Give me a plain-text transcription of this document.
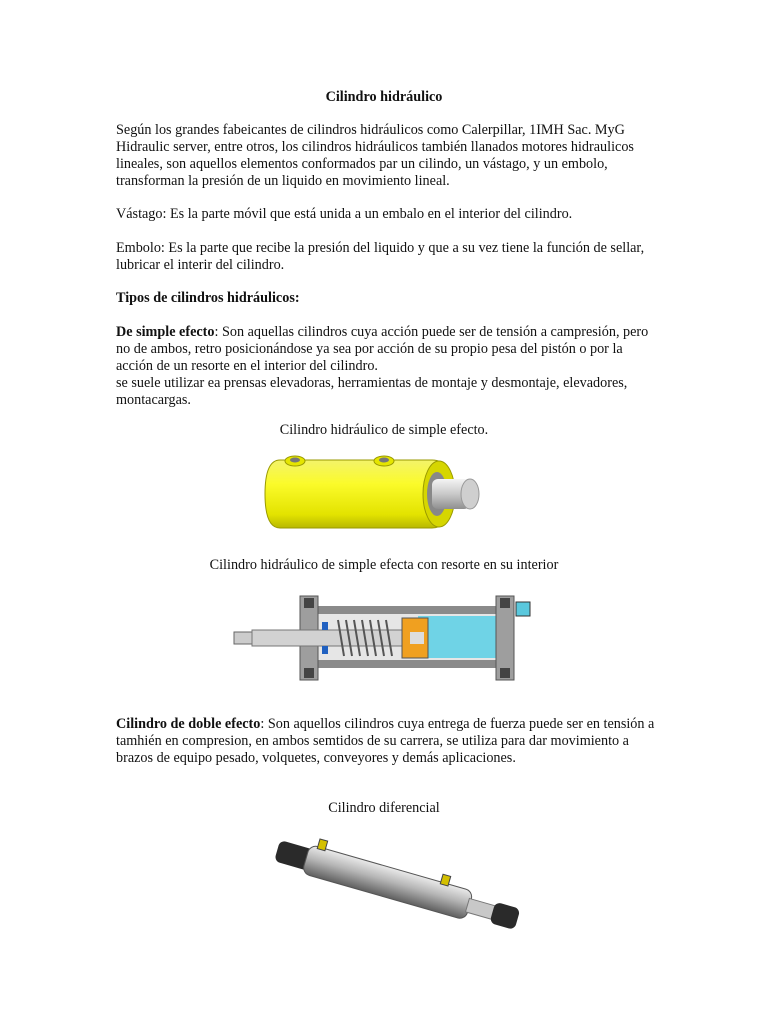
Cilindro hidráulico

Según los grandes fabeicantes de cilindros hidráulicos como Calerpillar, 1IMH Sac. MyG Hidraulic server, entre otros, los cilindros hidráulicos también llanados motores hidraulicos lineales, son aquellos elementos conformados par un cilindo, un vástago, y un embolo, transforman la presión de un liquido en movimiento lineal.

Vástago: Es la parte móvil que está unida a un embalo en el interior del cilindro.

Embolo: Es la parte que recibe la presión del liquido y que a su vez tiene la función de sellar, lubricar el interir del cilindro.

Tipos de cilindros hidráulicos:

De simple efecto: Son aquellas cilindros cuya acción puede ser de tensión a campresión, pero no de ambos, retro posicionándose ya sea por acción de su propio pesa del pistón o por la acción de un resorte en el interior del cilindro.

se suele utilizar ea prensas elevadoras, herramientas de montaje y desmontaje, elevadores, montacargas.

Cilindro hidráulico de simple efecto.
Cilindro hidráulico de simple efecta con resorte en su interior

Cilindro de doble efecto: Son aquellos cilindros cuya entrega de fuerza puede ser en tensión a tamhién en compresion, en ambos semtidos de su carrera, se utiliza para dar movimiento a brazos de equipo pesado, volquetes, conveyores y demás aplicaciones.

Cilindro diferencial
